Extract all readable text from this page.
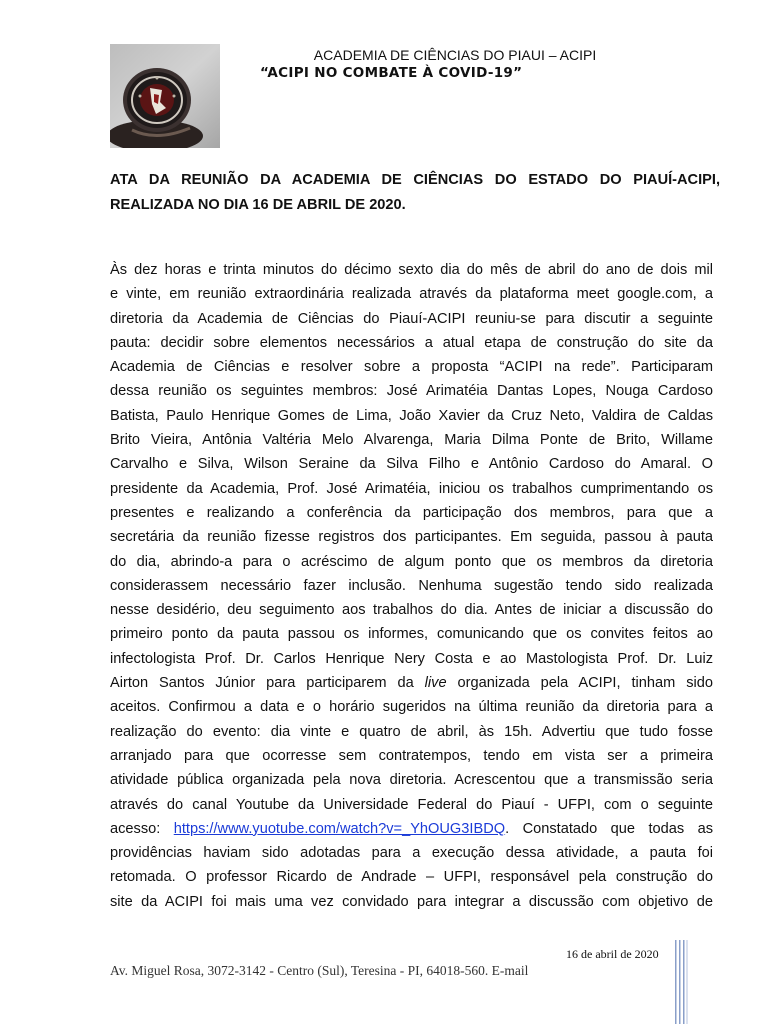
ACADEMIA DE CIÊNCIAS DO PIAUI – ACIPI
“ACIPI NO COMBATE À COVID-19”
ATA DA REUNIÃO DA ACADEMIA DE CIÊNCIAS DO ESTADO DO PIAUÍ-ACIPI,
REALIZADA NO DIA 16 DE ABRIL DE 2020.
Às dez horas e trinta minutos do décimo sexto dia do mês de abril do ano de dois mil
e vinte, em reunião extraordinária realizada através da plataforma meet google.com, a
diretoria da Academia de Ciências do Piauí-ACIPI reuniu-se para discutir a seguinte
pauta: decidir sobre elementos necessários a atual etapa de construção do site da
Academia de Ciências e resolver sobre a proposta “ACIPI na rede”. Participaram
dessa reunião os seguintes membros: José Arimatéia Dantas Lopes, Nouga Cardoso
Batista, Paulo Henrique Gomes de Lima, João Xavier da Cruz Neto, Valdira de Caldas
Brito Vieira, Antônia Valtéria Melo Alvarenga, Maria Dilma Ponte de Brito, Willame
Carvalho e Silva, Wilson Seraine da Silva Filho e Antônio Cardoso do Amaral. O
presidente da Academia, Prof. José Arimatéia, iniciou os trabalhos cumprimentando os
presentes e realizando a conferência da participação dos membros, para que a
secretária da reunião fizesse registros dos participantes. Em seguida, passou à pauta
do dia, abrindo-a para o acréscimo de algum ponto que os membros da diretoria
considerassem necessário fazer inclusão. Nenhuma sugestão tendo sido realizada
nesse desidério, deu seguimento aos trabalhos do dia. Antes de iniciar a discussão do
primeiro ponto da pauta passou os informes, comunicando que os convites feitos ao
infectologista Prof. Dr. Carlos Henrique Nery Costa e ao Mastologista Prof. Dr. Luiz
Airton Santos Júnior para participarem da live organizada pela ACIPI, tinham sido
aceitos. Confirmou a data e o horário sugeridos na última reunião da diretoria para a
realização do evento: dia vinte e quatro de abril, às 15h. Advertiu que tudo fosse
arranjado para que ocorresse sem contratempos, tendo em vista ser a primeira
atividade pública organizada pela nova diretoria. Acrescentou que a transmissão seria
através do canal Youtube da Universidade Federal do Piauí - UFPI, com o seguinte
acesso: https://www.yuotube.com/watch?v=_YhOUG3IBDQ. Constatado que todas as
providências haviam sido adotadas para a execução dessa atividade, a pauta foi
retomada. O professor Ricardo de Andrade – UFPI, responsável pela construção do
site da ACIPI foi mais uma vez convidado para integrar a discussão com objetivo de
16 de abril de 2020
Av. Miguel Rosa, 3072-3142 - Centro (Sul), Teresina - PI, 64018-560. E-mail
